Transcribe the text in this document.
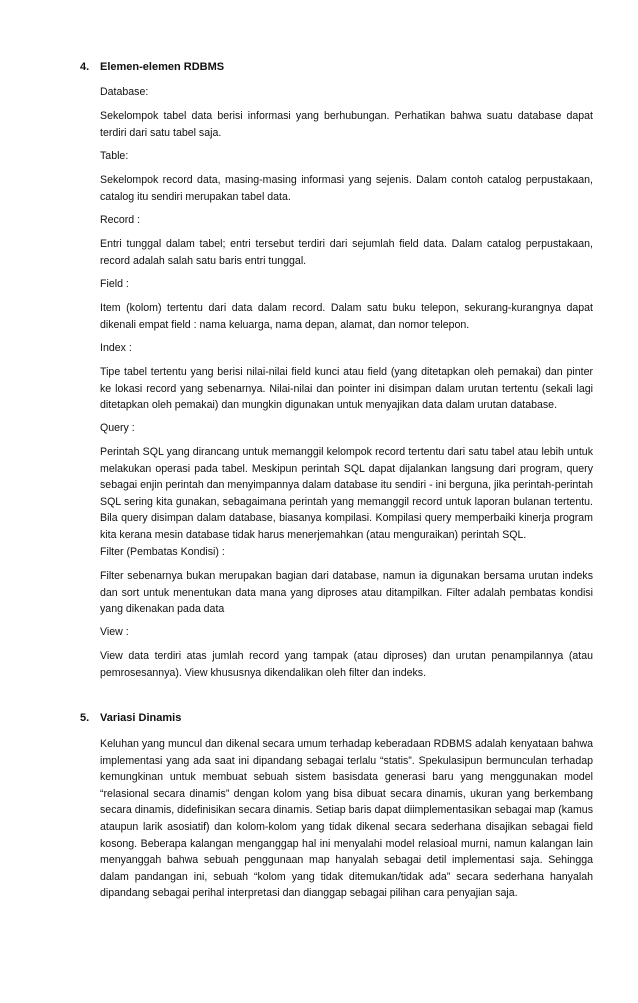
4. Elemen-elemen RDBMS

Database:

Sekelompok tabel data berisi informasi yang berhubungan. Perhatikan bahwa suatu database dapat terdiri dari satu tabel saja.

Table:

Sekelompok record data, masing-masing informasi yang sejenis. Dalam contoh catalog perpustakaan, catalog itu sendiri merupakan tabel data.

Record :

Entri tunggal dalam tabel; entri tersebut terdiri dari sejumlah field data. Dalam catalog perpustakaan, record adalah salah satu baris entri tunggal.

Field :

Item (kolom) tertentu dari data dalam record. Dalam satu buku telepon, sekurang-kurangnya dapat dikenali empat field : nama keluarga, nama depan, alamat, dan nomor telepon.

Index :

Tipe tabel tertentu yang berisi nilai-nilai field kunci atau field (yang ditetapkan oleh pemakai) dan pinter ke lokasi record yang sebenarnya. Nilai-nilai dan pointer ini disimpan dalam urutan tertentu (sekali lagi ditetapkan oleh pemakai) dan mungkin digunakan untuk menyajikan data dalam urutan database.

Query :

Perintah SQL yang dirancang untuk memanggil kelompok record tertentu dari satu tabel atau lebih untuk melakukan operasi pada tabel. Meskipun perintah SQL dapat dijalankan langsung dari program, query sebagai enjin perintah dan menyimpannya dalam database itu sendiri - ini berguna, jika perintah-perintah SQL sering kita gunakan, sebagaimana perintah yang memanggil record untuk laporan bulanan tertentu. Bila query disimpan dalam database, biasanya kompilasi. Kompilasi query memperbaiki kinerja program kita kerana mesin database tidak harus menerjemahkan (atau menguraikan) perintah SQL.

Filter (Pembatas Kondisi) :

Filter sebenarnya bukan merupakan bagian dari database, namun ia digunakan bersama urutan indeks dan sort untuk menentukan data mana yang diproses atau ditampilkan. Filter adalah pembatas kondisi yang dikenakan pada data

View :

View data terdiri atas jumlah record yang tampak (atau diproses) dan urutan penampilannya (atau pemrosesannya). View khususnya dikendalikan oleh filter dan indeks.

5. Variasi Dinamis

Keluhan yang muncul dan dikenal secara umum terhadap keberadaan RDBMS adalah kenyataan bahwa implementasi yang ada saat ini dipandang sebagai terlalu “statis”. Spekulasipun bermunculan terhadap kemungkinan untuk membuat sebuah sistem basisdata generasi baru yang menggunakan model “relasional secara dinamis” dengan kolom yang bisa dibuat secara dinamis, ukuran yang berkembang secara dinamis, didefinisikan secara dinamis. Setiap baris dapat diimplementasikan sebagai map (kamus ataupun larik asosiatif) dan kolom-kolom yang tidak dikenal secara sederhana disajikan sebagai field kosong. Beberapa kalangan menganggap hal ini menyalahi model relasioal murni, namun kalangan lain menyanggah bahwa sebuah penggunaan map hanyalah sebagai detil implementasi saja. Sehingga dalam pandangan ini, sebuah “kolom yang tidak ditemukan/tidak ada” secara sederhana hanyalah dipandang sebagai perihal interpretasi dan dianggap sebagai pilihan cara penyajian saja.
